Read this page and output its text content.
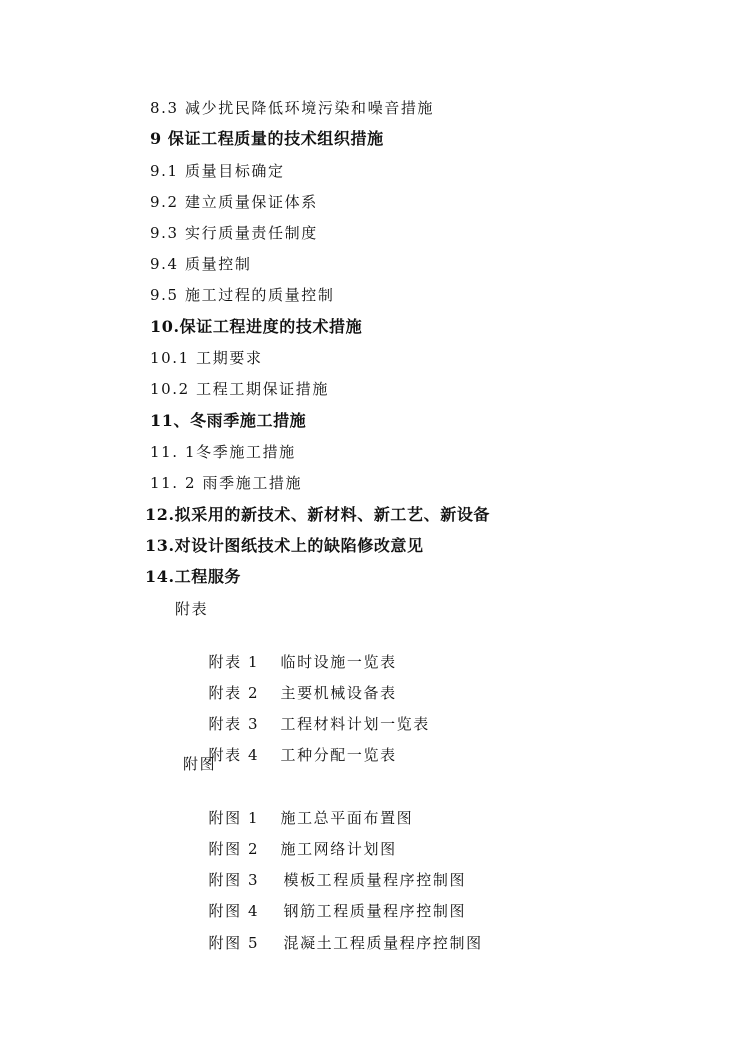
8.3 减少扰民降低环境污染和噪音措施
9 保证工程质量的技术组织措施
9.1 质量目标确定
9.2 建立质量保证体系
9.3 实行质量责任制度
9.4 质量控制
9.5 施工过程的质量控制
10.保证工程进度的技术措施
10.1 工期要求
10.2 工程工期保证措施
11、冬雨季施工措施
11. 1冬季施工措施
11. 2 雨季施工措施
12.拟采用的新技术、新材料、新工艺、新设备
13.对设计图纸技术上的缺陷修改意见
14.工程服务
附表

附表 1 临时设施一览表

附表 2 主要机械设备表

附表 3 工程材料计划一览表

附表 4 工种分配一览表

附图

附图 1 施工总平面布置图

附图 2 施工网络计划图

附图 3 模板工程质量程序控制图

附图 4 钢筋工程质量程序控制图

附图 5 混凝土工程质量程序控制图
